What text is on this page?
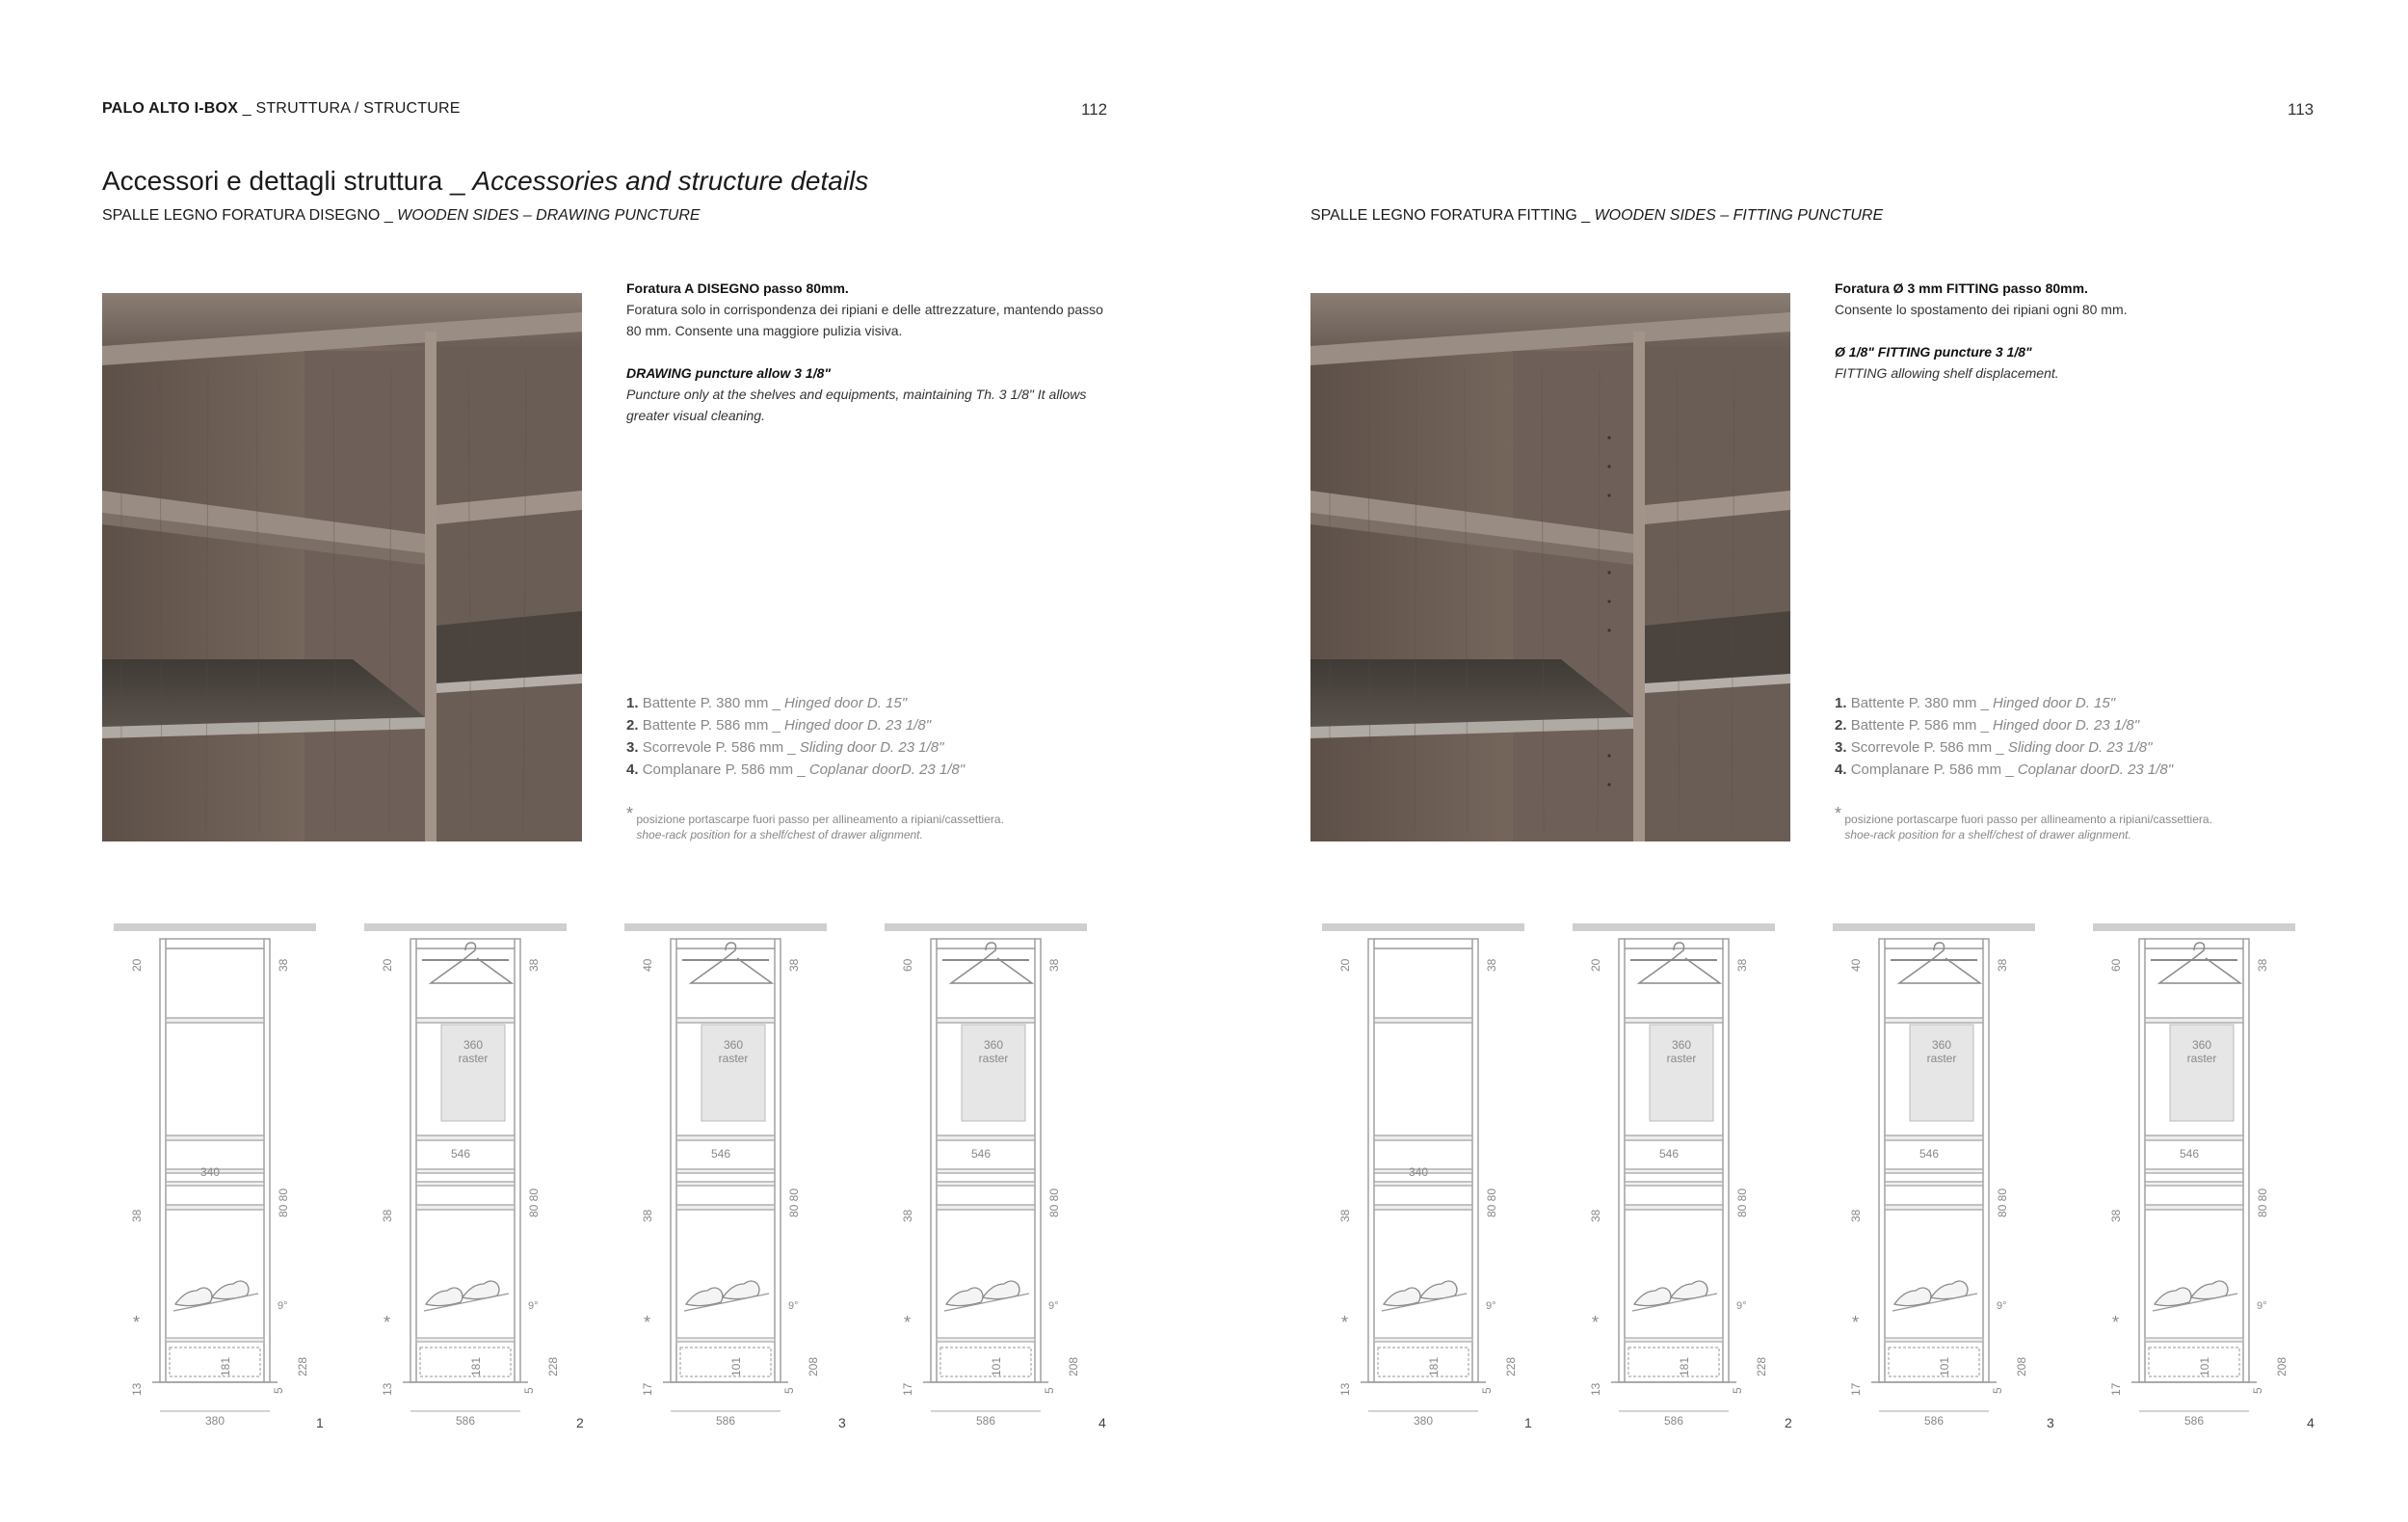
PALO ALTO I-BOX _ STRUTTURA / STRUCTURE	112
Accessori e dettagli struttura _ Accessories and structure details
SPALLE LEGNO FORATURA DISEGNO _ WOODEN SIDES – DRAWING PUNCTURE
Foratura A DISEGNO passo 80mm.
Foratura solo in corrispondenza dei ripiani e delle attrezzature, mantendo passo 80 mm. Consente una maggiore pulizia visiva.
DRAWING puncture allow 3 1/8"
Puncture only at the shelves and equipments, maintaining Th. 3 1/8" It allows greater visual cleaning.
1. Battente P. 380 mm _ Hinged door D. 15"
2. Battente P. 586 mm _ Hinged door D. 23 1/8"
3. Scorrevole P. 586 mm _ Sliding door D. 23 1/8"
4. Complanare P. 586 mm _ Coplanar doorD. 23 1/8"
* posizione portascarpe fuori passo per allineamento a ripiani/cassettiera.
shoe-rack position for a shelf/chest of drawer alignment.
113
SPALLE LEGNO FORATURA FITTING _ WOODEN SIDES – FITTING PUNCTURE
Foratura Ø 3 mm FITTING passo 80mm.
Consente lo spostamento dei ripiani ogni 80 mm.
Ø 1/8" FITTING puncture 3 1/8"
FITTING allowing shelf displacement.
1. Battente P. 380 mm _ Hinged door D. 15"
2. Battente P. 586 mm _ Hinged door D. 23 1/8"
3. Scorrevole P. 586 mm _ Sliding door D. 23 1/8"
4. Complanare P. 586 mm _ Coplanar doorD. 23 1/8"
* posizione portascarpe fuori passo per allineamento a ripiani/cassettiera.
shoe-rack position for a shelf/chest of drawer alignment.
360
raster
340
20	38
38
13	5
228
181
9°
80 80
*
380
360
raster
546
20	38
38
13	5
228
181
9°
80 80
*
586
360
raster
546
40	38
38
17	5
208
101
9°
80 80
*
586
360
raster
546
60	38
38
17	5
208
101
9°
80 80
*
586
360
raster
340
20	38
38
13	5
228
181
9°
80 80
*
380
360
raster
546
20	38
38
13	5
228
181
9°
80 80
*
586
360
raster
546
40	38
38
17	5
208
101
9°
80 80
*
586
360
raster
546
60	38
38
17	5
208
101
9°
80 80
*
586
1	2	3	4	1	2	3	4
